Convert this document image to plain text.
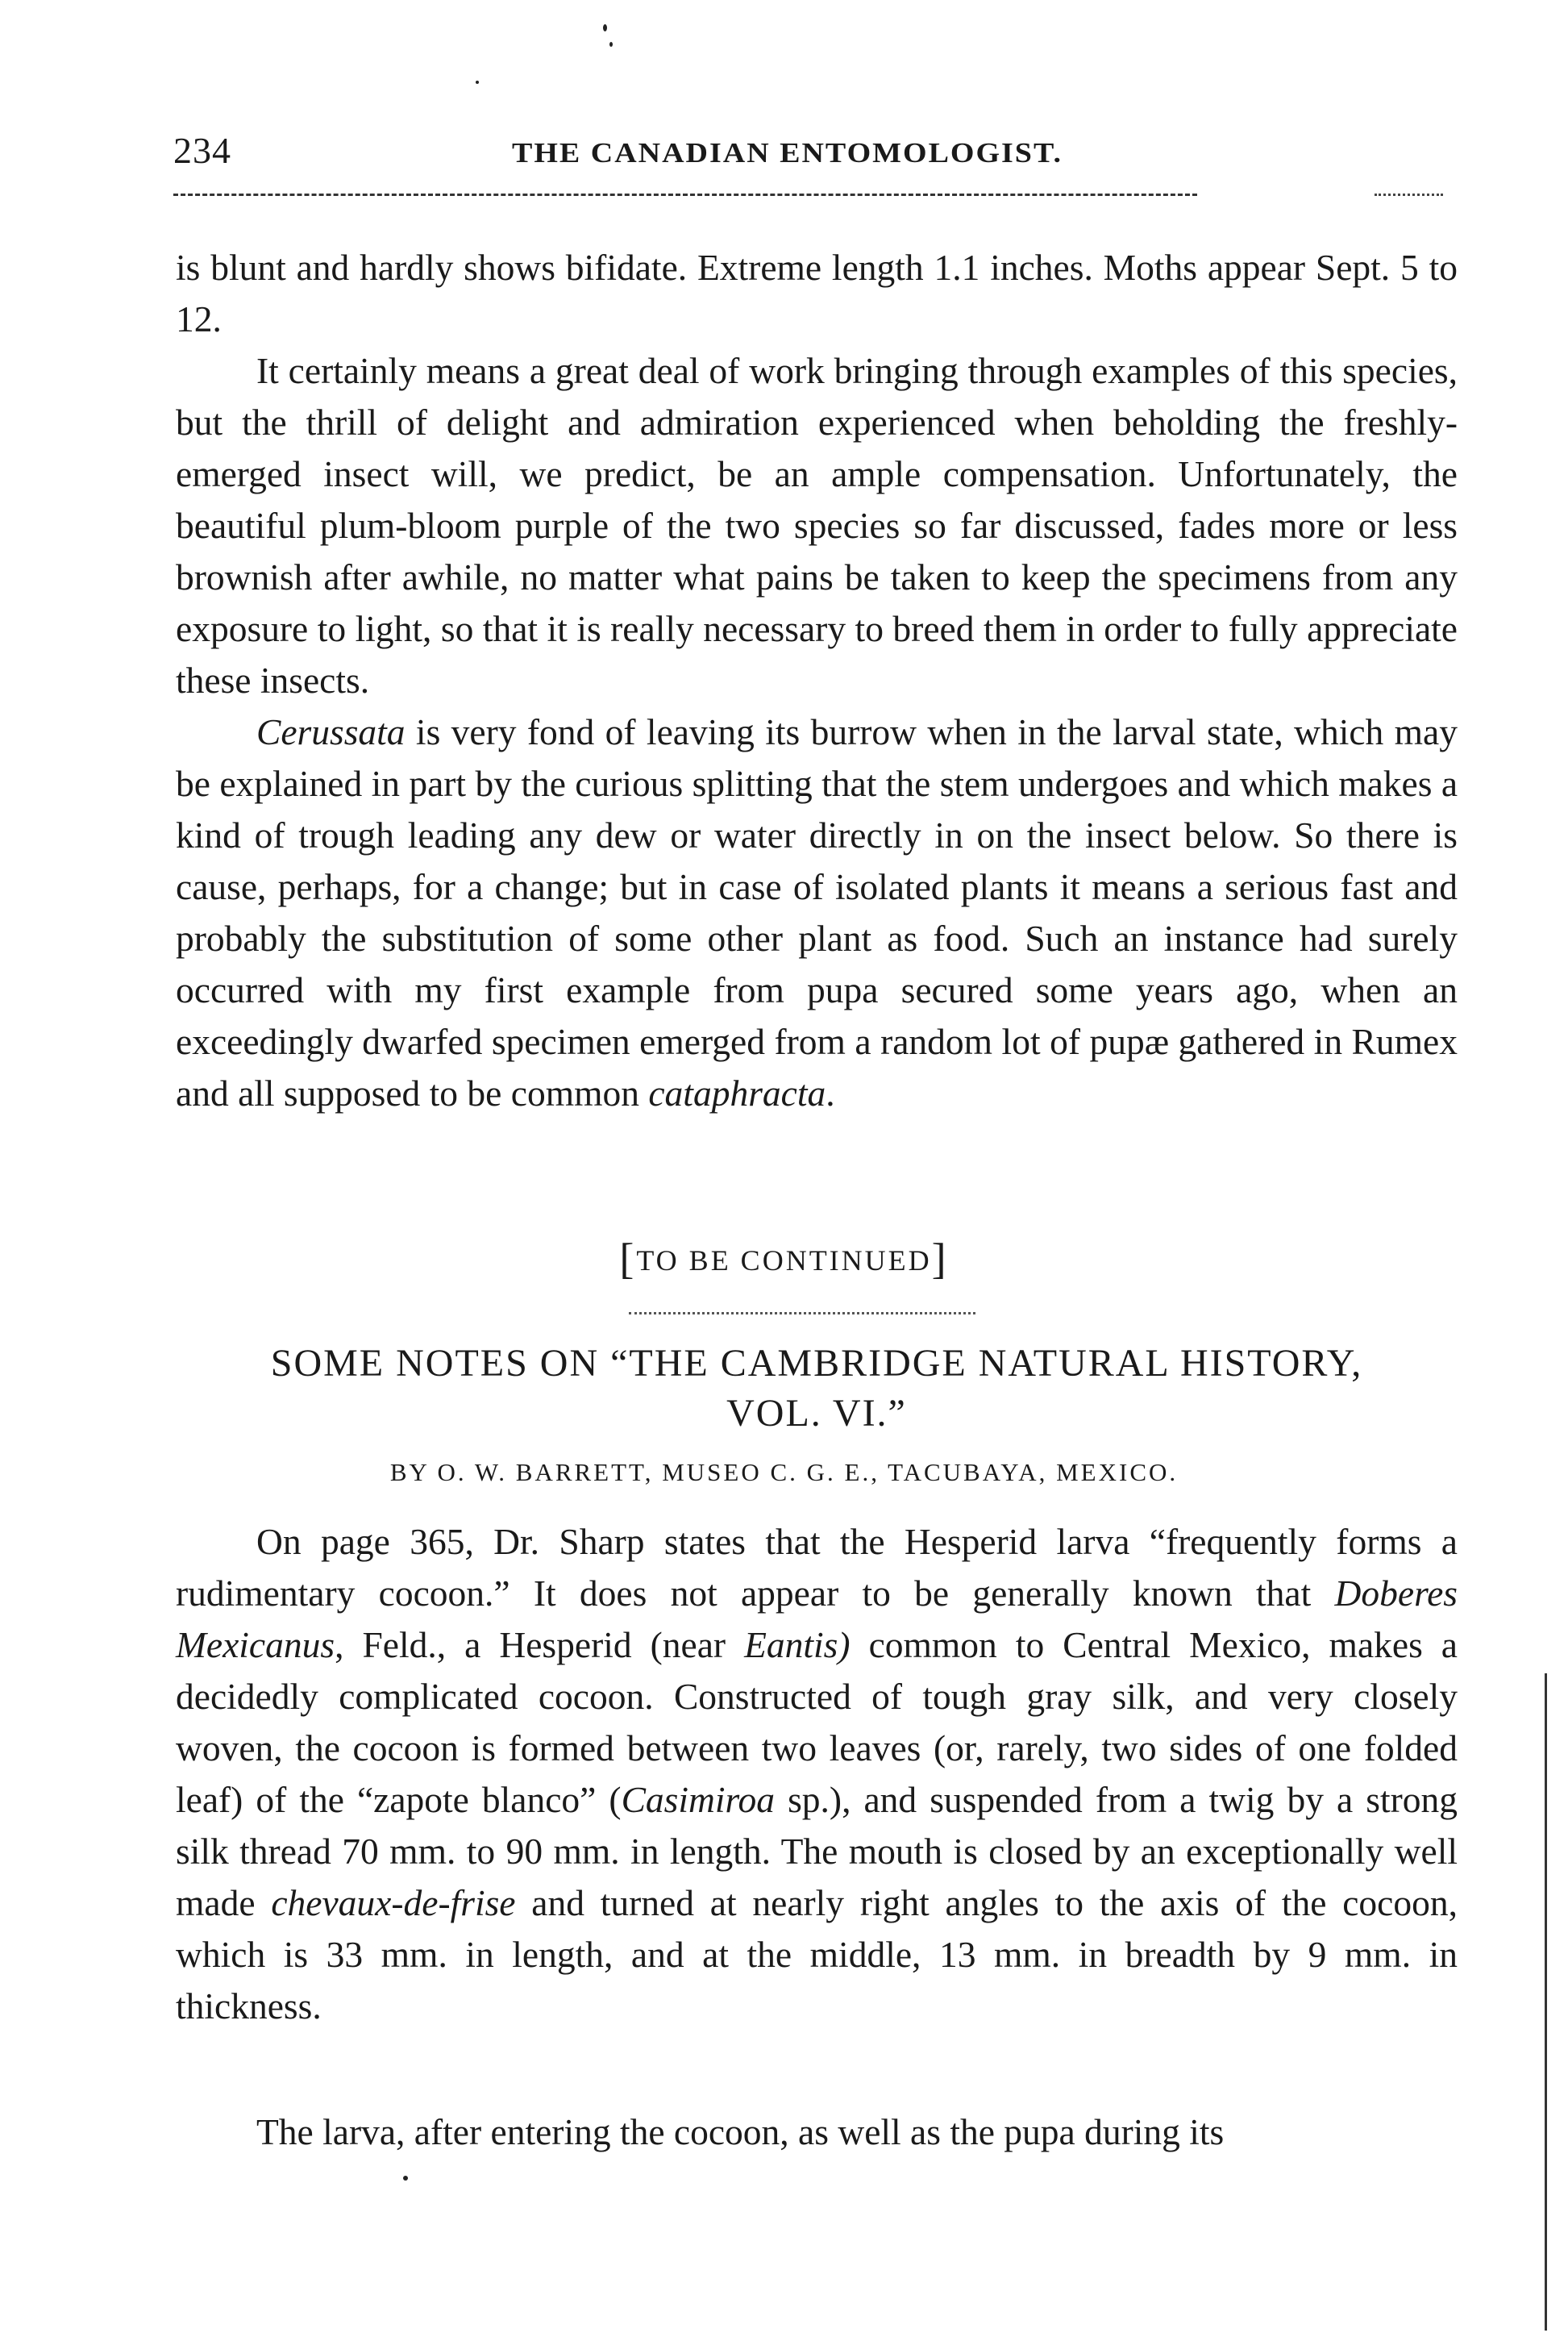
234	THE CANADIAN ENTOMOLOGIST.

is blunt and hardly shows bifidate. Extreme length 1.1 inches. Moths appear Sept. 5 to 12.

It certainly means a great deal of work bringing through examples of this species, but the thrill of delight and admiration experienced when beholding the freshly-emerged insect will, we predict, be an ample compensation. Unfortunately, the beautiful plum-bloom purple of the two species so far discussed, fades more or less brownish after awhile, no matter what pains be taken to keep the specimens from any exposure to light, so that it is really necessary to breed them in order to fully appreciate these insects.

Cerussata is very fond of leaving its burrow when in the larval state, which may be explained in part by the curious splitting that the stem undergoes and which makes a kind of trough leading any dew or water directly in on the insect below. So there is cause, perhaps, for a change; but in case of isolated plants it means a serious fast and probably the substitution of some other plant as food. Such an instance had surely occurred with my first example from pupa secured some years ago, when an exceedingly dwarfed specimen emerged from a random lot of pupæ gathered in Rumex and all supposed to be common cataphracta.

[TO BE CONTINUED]
SOME NOTES ON “THE CAMBRIDGE NATURAL HISTORY,
VOL. VI.”
BY O. W. BARRETT, MUSEO C. G. E., TACUBAYA, MEXICO.

On page 365, Dr. Sharp states that the Hesperid larva “frequently forms a rudimentary cocoon.” It does not appear to be generally known that Doberes Mexicanus, Feld., a Hesperid (near Eantis) common to Central Mexico, makes a decidedly complicated cocoon. Constructed of tough gray silk, and very closely woven, the cocoon is formed between two leaves (or, rarely, two sides of one folded leaf) of the “zapote blanco” (Casimiroa sp.), and suspended from a twig by a strong silk thread 70 mm. to 90 mm. in length. The mouth is closed by an exceptionally well made chevaux-de-frise and turned at nearly right angles to the axis of the cocoon, which is 33 mm. in length, and at the middle, 13 mm. in breadth by 9 mm. in thickness.

The larva, after entering the cocoon, as well as the pupa during its
